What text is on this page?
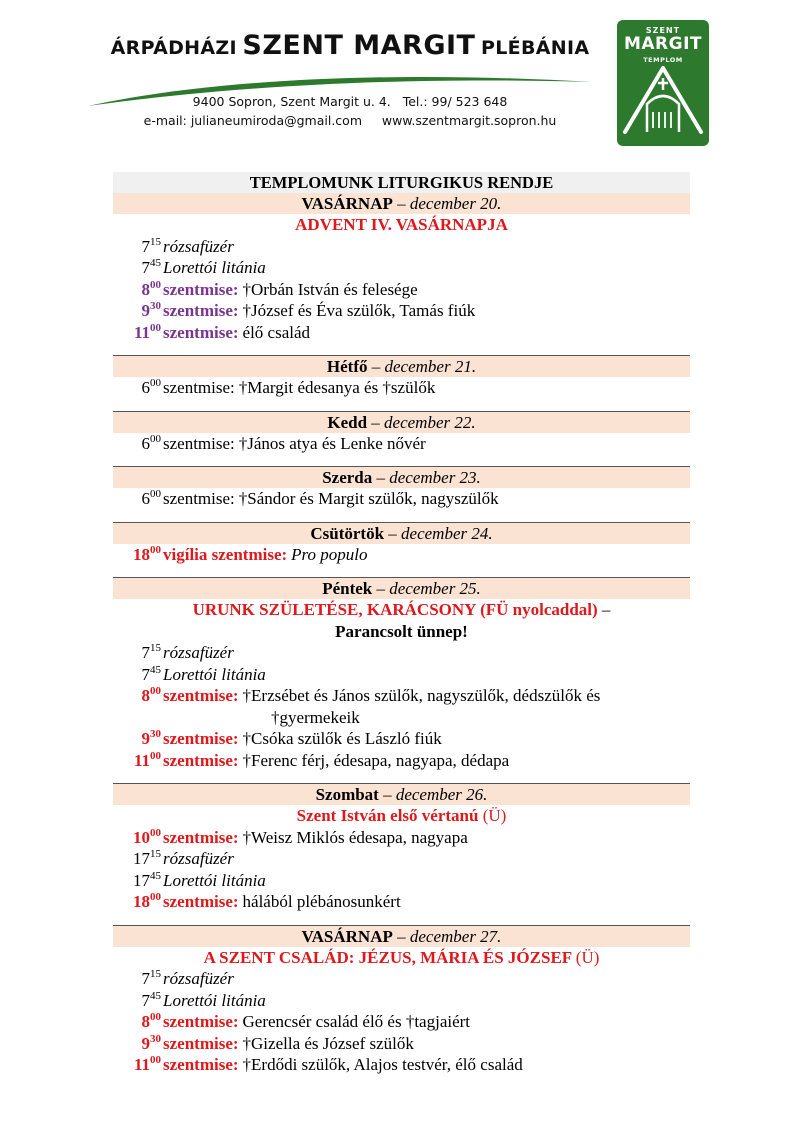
ÁRPÁDHÁZI SZENT MARGIT PLÉBÁNIA
9400 Sopron, Szent Margit u. 4.   Tel.: 99/ 523 648
e-mail: julianeumiroda@gmail.com     www.szentmargit.sopron.hu
SZENT
MARGIT
TEMPLOM
TEMPLOMUNK LITURGIKUS RENDJE
VASÁRNAP – december 20.
ADVENT IV. VASÁRNAPJA
$7^{15}$ rózsafüzér
$7^{45}$ Lorettói litánia
$8^{00}$ szentmise: †Orbán István és felesége
$9^{30}$ szentmise: †József és Éva szülők, Tamás fiúk
$11^{00}$ szentmise: élő család
Hétfő – december 21.
$6^{00}$ szentmise: †Margit édesanya és †szülők
Kedd – december 22.
$6^{00}$ szentmise: †János atya és Lenke nővér
Szerda – december 23.
$6^{00}$ szentmise: †Sándor és Margit szülők, nagyszülők
Csütörtök – december 24.
$18^{00}$ vigília szentmise: Pro populo
Péntek – december 25.
URUNK SZÜLETÉSE, KARÁCSONY (FÜ nyolcaddal) –
Parancsolt ünnep!
$7^{15}$ rózsafüzér
$7^{45}$ Lorettói litánia
$8^{00}$ szentmise: †Erzsébet és János szülők, nagyszülők, dédszülők és
†gyermekeik
$9^{30}$ szentmise: †Csóka szülők és László fiúk
$11^{00}$ szentmise: †Ferenc férj, édesapa, nagyapa, dédapa
Szombat – december 26.
Szent István első vértanú (Ü)
$10^{00}$ szentmise: †Weisz Miklós édesapa, nagyapa
$17^{15}$ rózsafüzér
$17^{45}$ Lorettói litánia
$18^{00}$ szentmise: hálából plébánosunkért
VASÁRNAP – december 27.
A SZENT CSALÁD: JÉZUS, MÁRIA ÉS JÓZSEF (Ü)
$7^{15}$ rózsafüzér
$7^{45}$ Lorettói litánia
$8^{00}$ szentmise: Gerencsér család élő és †tagjaiért
$9^{30}$ szentmise: †Gizella és József szülők
$11^{00}$ szentmise: †Erdődi szülők, Alajos testvér, élő család
